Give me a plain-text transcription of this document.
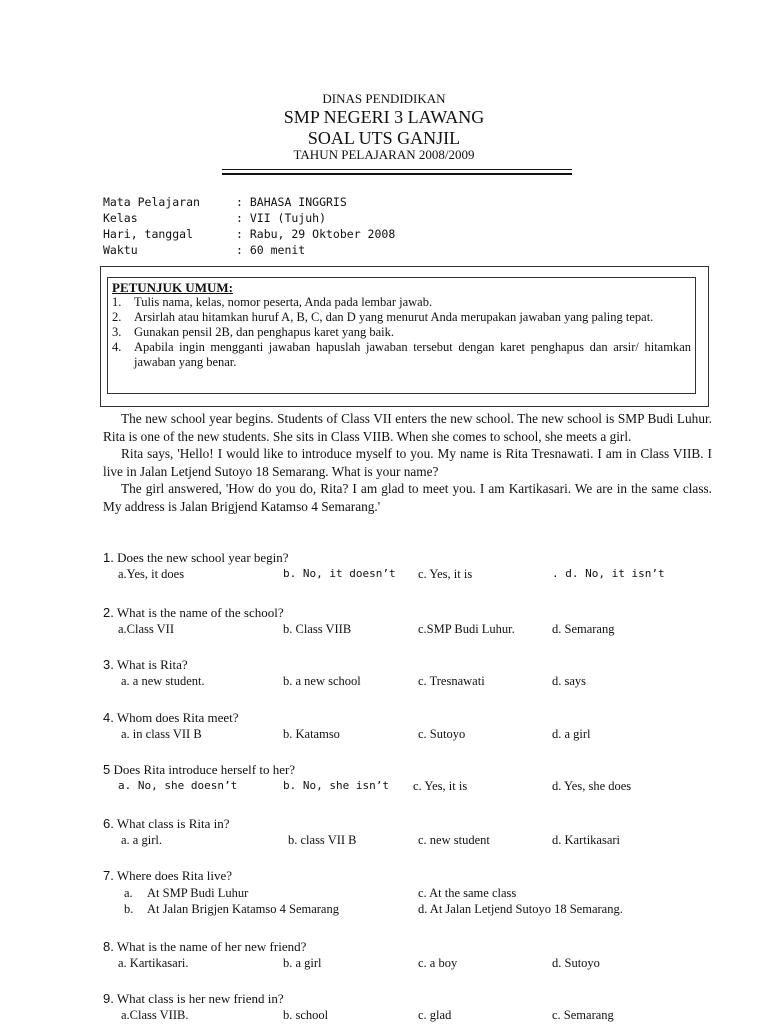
DINAS PENDIDIKAN

SMP NEGERI 3 LAWANG

SOAL UTS GANJIL

TAHUN PELAJARAN 2008/2009

Mata Pelajaran	: BAHASA INGGRIS
Kelas	: VII (Tujuh)
Hari, tanggal	: Rabu, 29 Oktober 2008
Waktu	: 60 menit
PETUNJUK UMUM:
1.	Tulis nama, kelas, nomor peserta, Anda pada lembar jawab.
2.	Arsirlah atau hitamkan huruf A, B, C, dan D yang menurut Anda merupakan jawaban yang paling tepat.
3.	Gunakan pensil 2B, dan penghapus karet yang baik.
4.	Apabila ingin mengganti jawaban hapuslah jawaban tersebut dengan karet penghapus dan arsir/ hitamkan jawaban yang benar.

The new school year begins. Students of Class VII enters the new school. The new school is SMP Budi Luhur. Rita is one of the new students. She sits in Class VIIB. When she comes to school, she meets a girl.

Rita says, 'Hello! I would like to introduce myself to you. My name is Rita Tresnawati. I am in Class VIIB. I live in Jalan Letjend Sutoyo 18 Semarang. What is your name?

The girl answered, 'How do you do, Rita? I am glad to meet you. I am Kartikasari. We are in the same class. My address is Jalan Brigjend Katamso 4 Semarang.'

1. Does the new school year begin?
a.Yes, it does	b. No, it doesn’t c. Yes, it is	. d. No, it isn’t
2. What is the name of the school?
a.Class VII	b. Class VIIB	c.SMP Budi Luhur.	d. Semarang
3. What is Rita?
a. a new student.	b. a new school	c. Tresnawati	d. says
4. Whom does Rita meet?
a. in class VII B	b. Katamso	c. Sutoyo	d. a girl
5 Does Rita introduce herself to her?
a. No, she doesn’t	b. No, she isn’t c. Yes, it is	d. Yes, she does
6. What class is Rita in?
a. a girl.	b. class VII B	c. new student	d. Kartikasari
7. Where does Rita live?
a. At SMP Budi Luhur
b. At Jalan Brigjen Katamso 4 Semarang
c. At the same class
d. At Jalan Letjend Sutoyo 18 Semarang.
8. What is the name of her new friend?
a. Kartikasari.	b. a girl	c. a boy	d. Sutoyo
9. What class is her new friend in?
a.Class VIIB.	b. school	c. glad	c. Semarang
